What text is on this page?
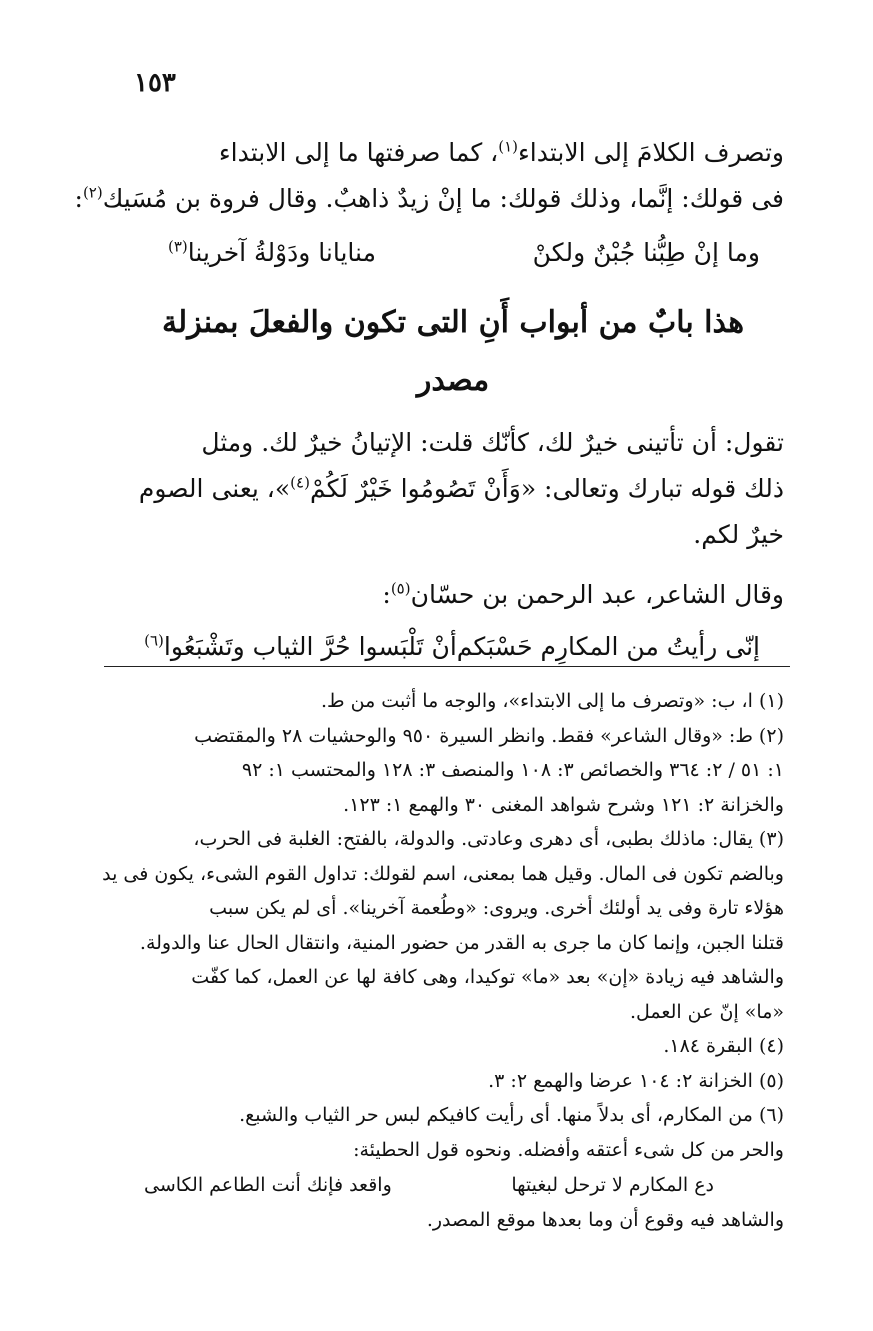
١٥٣
وتصرف الكلامَ إلى الابتداء$^{(١)}$، كما صرفتها ما إلى الابتداء
فى قولك: إنَّما، وذلك قولك: ما إنْ زيدٌ ذاهبٌ. وقال فروة بن مُسَيك$^{(٢)}$:
وما إنْ طِبُّنا جُبْنٌ ولكنْ
منايانا ودَوْلةُ آخرينا$^{(٣)}$
هذا بابٌ من أبواب أَنِ التى تكون والفعلَ بمنزلة مصدر
تقول: أن تأتينى خيرٌ لك، كأنّك قلت: الإتيانُ خيرٌ لك. ومثل
ذلك قوله تبارك وتعالى: «وَأَنْ تَصُومُوا خَيْرٌ لَكُمْ$^{(٤)}$»، يعنى الصوم
خيرٌ لكم.
وقال الشاعر، عبد الرحمن بن حسّان$^{(٥)}$:
إنّى رأيتُ من المكارِم حَسْبَكم
أنْ تَلْبَسوا حُرَّ الثياب وتَشْبَعُوا$^{(٦)}$
(١) ا، ب: «وتصرف ما إلى الابتداء»، والوجه ما أثبت من ط.
(٢) ط: «وقال الشاعر» فقط. وانظر السيرة ٩٥٠ والوحشيات ٢٨ والمقتضب
١: ٥١ / ٢: ٣٦٤ والخصائص ٣: ١٠٨ والمنصف ٣: ١٢٨ والمحتسب ١: ٩٢
والخزانة ٢: ١٢١ وشرح شواهد المغنى ٣٠ والهمع ١: ١٢٣.
(٣) يقال: ماذلك بطبى، أى دهرى وعادتى. والدولة، بالفتح: الغلبة فى الحرب،
وبالضم تكون فى المال. وقيل هما بمعنى، اسم لقولك: تداول القوم الشىء، يكون فى يد
هؤلاء تارة وفى يد أولئك أخرى. ويروى: «وطُعمة آخرينا». أى لم يكن سبب
قتلنا الجبن، وإنما كان ما جرى به القدر من حضور المنية، وانتقال الحال عنا والدولة.
والشاهد فيه زيادة «إن» بعد «ما» توكيدا، وهى كافة لها عن العمل، كما كفّت
«ما» إنّ عن العمل.
(٤) البقرة ١٨٤.
(٥) الخزانة ٢: ١٠٤ عرضا والهمع ٢: ٣.
(٦) من المكارم، أى بدلاً منها. أى رأيت كافيكم لبس حر الثياب والشبع.
والحر من كل شىء أعتقه وأفضله. ونحوه قول الحطيئة:
دع المكارم لا ترحل لبغيتها
واقعد فإنك أنت الطاعم الكاسى
والشاهد فيه وقوع أن وما بعدها موقع المصدر.
